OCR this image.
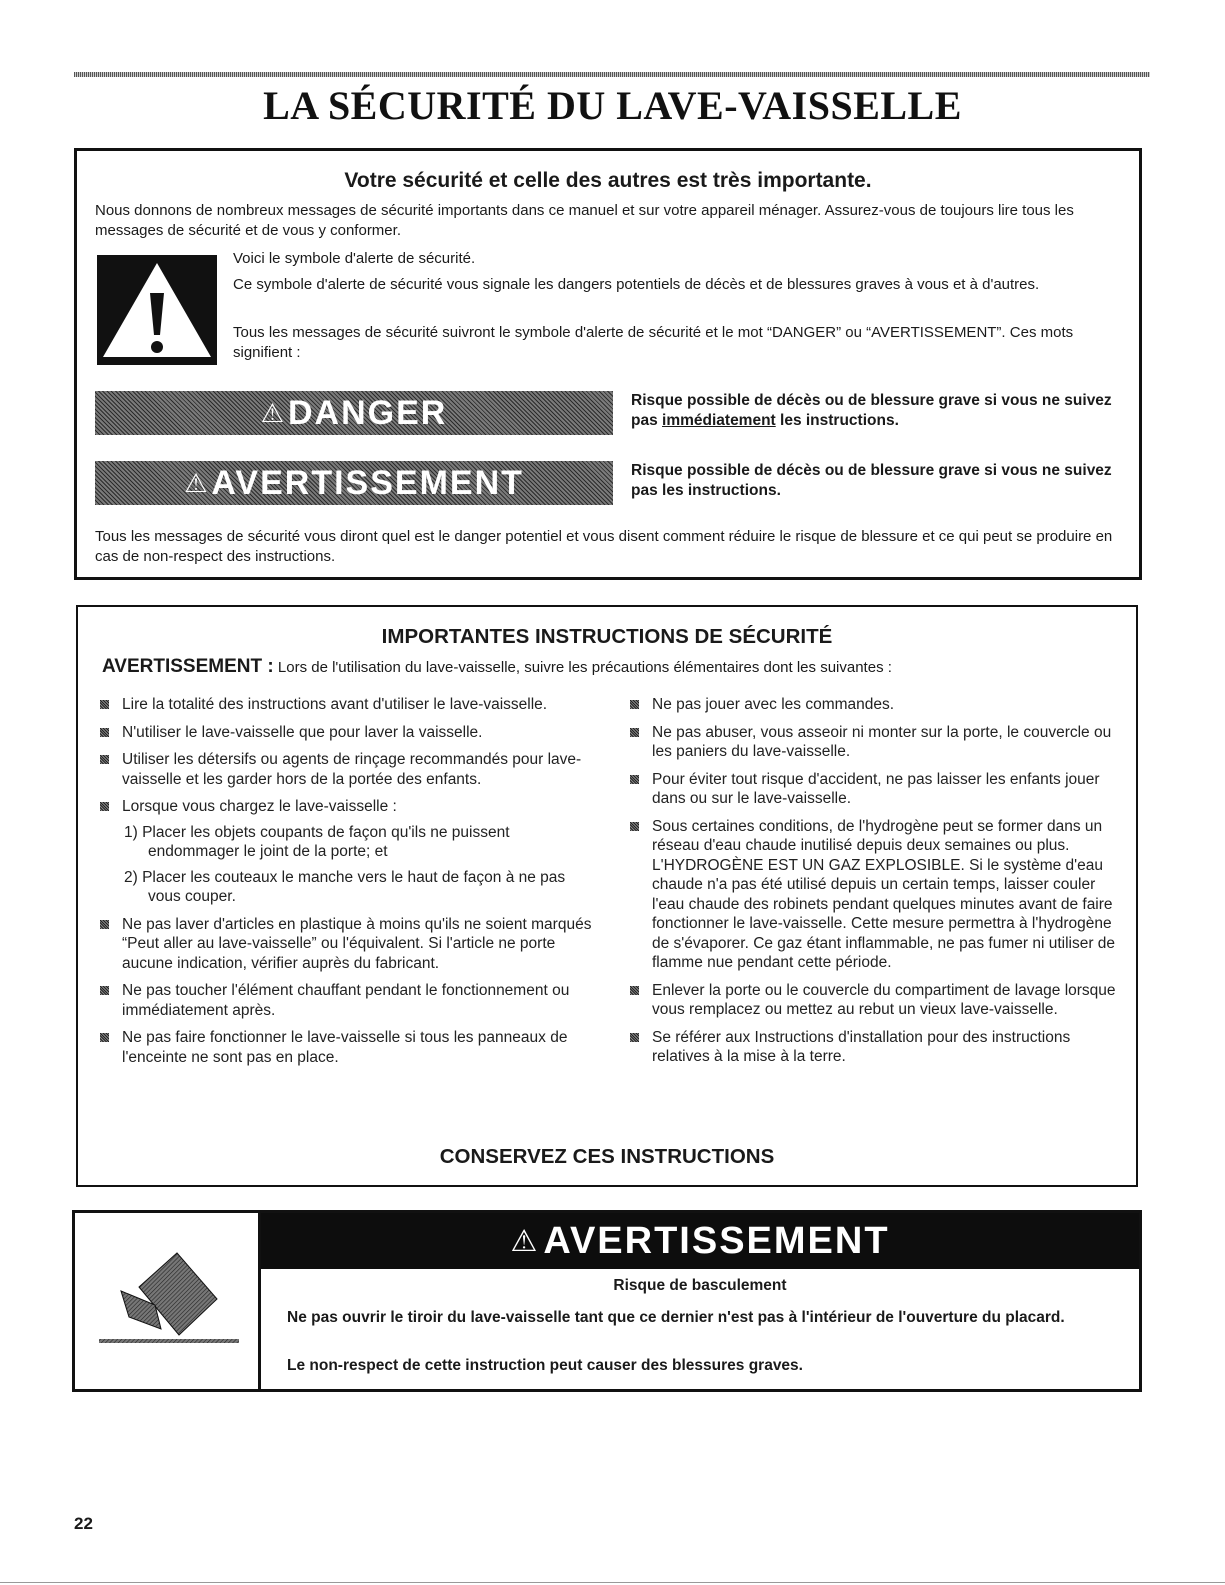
LA SÉCURITÉ DU LAVE-VAISSELLE
Votre sécurité et celle des autres est très importante.

Nous donnons de nombreux messages de sécurité importants dans ce manuel et sur votre appareil ménager. Assurez-vous de toujours lire tous les messages de sécurité et de vous y conformer.

Voici le symbole d'alerte de sécurité.

Ce symbole d'alerte de sécurité vous signale les dangers potentiels de décès et de blessures graves à vous et à d'autres.

Tous les messages de sécurité suivront le symbole d'alerte de sécurité et le mot “DANGER” ou “AVERTISSEMENT”. Ces mots signifient :

⚠ DANGER	Risque possible de décès ou de blessure grave si vous ne suivez pas immédiatement les instructions.

⚠ AVERTISSEMENT	Risque possible de décès ou de blessure grave si vous ne suivez pas les instructions.

Tous les messages de sécurité vous diront quel est le danger potentiel et vous disent comment réduire le risque de blessure et ce qui peut se produire en cas de non-respect des instructions.

IMPORTANTES INSTRUCTIONS DE SÉCURITÉ

AVERTISSEMENT : Lors de l'utilisation du lave-vaisselle, suivre les précautions élémentaires dont les suivantes :

Lire la totalité des instructions avant d'utiliser le lave-vaisselle.

N'utiliser le lave-vaisselle que pour laver la vaisselle.

Utiliser les détersifs ou agents de rinçage recommandés pour lave-vaisselle et les garder hors de la portée des enfants.

Lorsque vous chargez le lave-vaisselle :

1) Placer les objets coupants de façon qu'ils ne puissent endommager le joint de la porte; et

2) Placer les couteaux le manche vers le haut de façon à ne pas vous couper.

Ne pas laver d'articles en plastique à moins qu'ils ne soient marqués “Peut aller au lave-vaisselle” ou l'équivalent. Si l'article ne porte aucune indication, vérifier auprès du fabricant.

Ne pas toucher l'élément chauffant pendant le fonctionnement ou immédiatement après.

Ne pas faire fonctionner le lave-vaisselle si tous les panneaux de l'enceinte ne sont pas en place.

Ne pas jouer avec les commandes.

Ne pas abuser, vous asseoir ni monter sur la porte, le couvercle ou les paniers du lave-vaisselle.

Pour éviter tout risque d'accident, ne pas laisser les enfants jouer dans ou sur le lave-vaisselle.

Sous certaines conditions, de l'hydrogène peut se former dans un réseau d'eau chaude inutilisé depuis deux semaines ou plus. L'HYDROGÈNE EST UN GAZ EXPLOSIBLE. Si le système d'eau chaude n'a pas été utilisé depuis un certain temps, laisser couler l'eau chaude des robinets pendant quelques minutes avant de faire fonctionner le lave-vaisselle. Cette mesure permettra à l'hydrogène de s'évaporer. Ce gaz étant inflammable, ne pas fumer ni utiliser de flamme nue pendant cette période.

Enlever la porte ou le couvercle du compartiment de lavage lorsque vous remplacez ou mettez au rebut un vieux lave-vaisselle.

Se référer aux Instructions d'installation pour des instructions relatives à la mise à la terre.

CONSERVEZ CES INSTRUCTIONS
⚠ AVERTISSEMENT

Risque de basculement

Ne pas ouvrir le tiroir du lave-vaisselle tant que ce dernier n'est pas à l'intérieur de l'ouverture du placard.

Le non-respect de cette instruction peut causer des blessures graves.

22
